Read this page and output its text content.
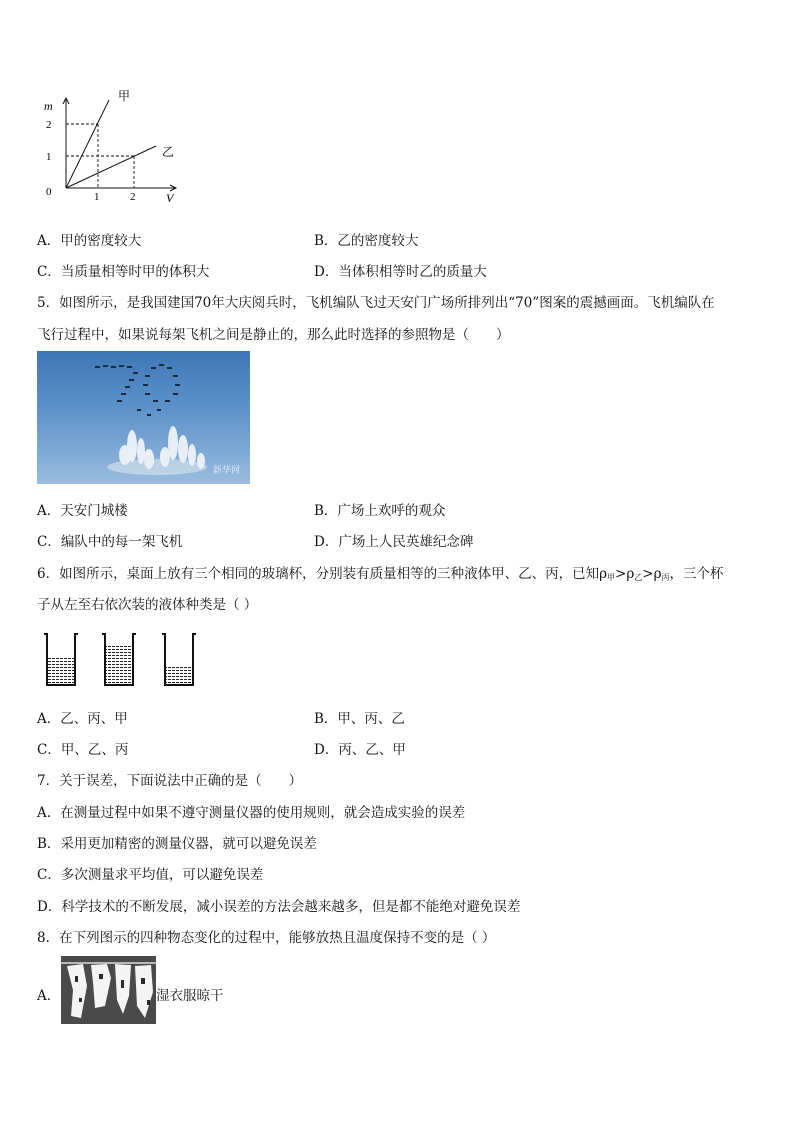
m
V
0
2
1
1	2
甲
乙
A．甲的密度较大	B．乙的密度较大
C．当质量相等时甲的体积大	D．当体积相等时乙的质量大
5．如图所示，是我国建国70年大庆阅兵时，飞机编队飞过天安门广场所排列出“70”图案的震撼画面。飞机编队在
飞行过程中，如果说每架飞机之间是静止的，那么此时选择的参照物是（　　）
新华网
A．天安门城楼	B．广场上欢呼的观众
C．编队中的每一架飞机	D．广场上人民英雄纪念碑
6．如图所示，桌面上放有三个相同的玻璃杯，分别装有质量相等的三种液体甲、乙、丙，已知$\rho_甲>\rho_乙>\rho_丙$，三个杯
子从左至右依次装的液体种类是（ ）
A．乙、丙、甲	B．甲、丙、乙
C．甲、乙、丙	D．丙、乙、甲
7．关于误差，下面说法中正确的是（　　）
A．在测量过程中如果不遵守测量仪器的使用规则，就会造成实验的误差
B．采用更加精密的测量仪器，就可以避免误差
C．多次测量求平均值，可以避免误差
D．科学技术的不断发展，减小误差的方法会越来越多，但是都不能绝对避免误差
8．在下列图示的四种物态变化的过程中，能够放热且温度保持不变的是（ ）
A．	湿衣服晾干
